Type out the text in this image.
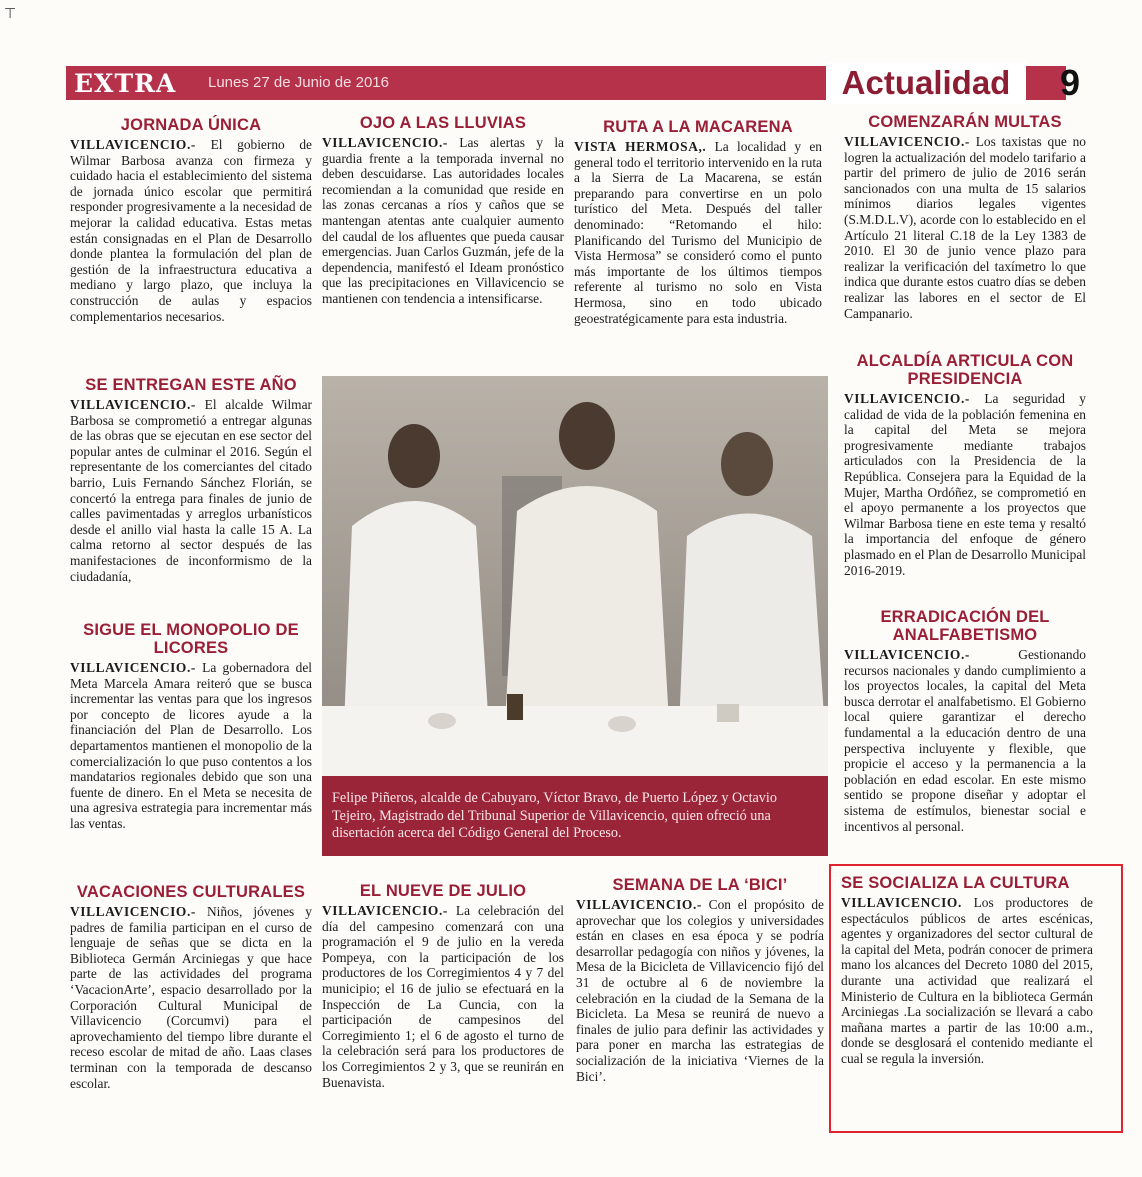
⊤
EXTRA Lunes 27 de Junio de 2016	Actualidad	9
JORNADA ÚNICA

VILLAVICENCIO.- El gobierno de Wilmar Barbosa avanza con firmeza y cuidado hacia el establecimiento del sistema de jornada único escolar que permitirá responder progresivamente a la necesidad de mejorar la calidad educativa. Estas metas están consignadas en el Plan de Desarrollo donde plantea la formulación del plan de gestión de la infraestructura educativa a mediano y largo plazo, que incluya la construcción de aulas y espacios complementarios necesarios.

OJO A LAS LLUVIAS

VILLAVICENCIO.- Las alertas y la guardia frente a la temporada invernal no deben descuidarse. Las autoridades locales recomiendan a la comunidad que reside en las zonas cercanas a ríos y caños que se mantengan atentas ante cualquier aumento del caudal de los afluentes que pueda causar emergencias. Juan Carlos Guzmán, jefe de la dependencia, manifestó el Ideam pronóstico que las precipitaciones en Villavicencio se mantienen con tendencia a intensificarse.

RUTA A LA MACARENA

VISTA HERMOSA,. La localidad y en general todo el territorio intervenido en la ruta a la Sierra de La Macarena, se están preparando para convertirse en un polo turístico del Meta. Después del taller denominado: “Retomando el hilo: Planificando del Turismo del Municipio de Vista Hermosa” se consideró como el punto más importante de los últimos tiempos referente al turismo no solo en Vista Hermosa, sino en todo ubicado geoestratégicamente para esta industria.

COMENZARÁN MULTAS

VILLAVICENCIO.- Los taxistas que no logren la actualización del modelo tarifario a partir del primero de julio de 2016 serán sancionados con una multa de 15 salarios mínimos diarios legales vigentes (S.M.D.L.V), acorde con lo establecido en el Artículo 21 literal C.18 de la Ley 1383 de 2010. El 30 de junio vence plazo para realizar la verificación del taxímetro lo que indica que durante estos cuatro días se deben realizar las labores en el sector de El Campanario.

SE ENTREGAN ESTE AÑO

VILLAVICENCIO.- El alcalde Wilmar Barbosa se comprometió a entregar algunas de las obras que se ejecutan en ese sector del popular antes de culminar el 2016. Según el representante de los comerciantes del citado barrio, Luis Fernando Sánchez Florián, se concertó la entrega para finales de junio de calles pavimentadas y arreglos urbanísticos desde el anillo vial hasta la calle 15 A. La calma retorno al sector después de las manifestaciones de inconformismo de la ciudadanía,

SIGUE EL MONOPOLIO DE LICORES

VILLAVICENCIO.- La gobernadora del Meta Marcela Amara reiteró que se busca incrementar las ventas para que los ingresos por concepto de licores ayude a la financiación del Plan de Desarrollo. Los departamentos mantienen el monopolio de la comercialización lo que puso contentos a los mandatarios regionales debido que son una fuente de dinero. En el Meta se necesita de una agresiva estrategia para incrementar más las ventas.

ALCALDÍA ARTICULA CON PRESIDENCIA

VILLAVICENCIO.- La seguridad y calidad de vida de la población femenina en la capital del Meta se mejora progresivamente mediante trabajos articulados con la Presidencia de la República. Consejera para la Equidad de la Mujer, Martha Ordóñez, se comprometió en el apoyo permanente a los proyectos que Wilmar Barbosa tiene en este tema y resaltó la importancia del enfoque de género plasmado en el Plan de Desarrollo Municipal 2016-2019.

ERRADICACIÓN DEL ANALFABETISMO

VILLAVICENCIO.- Gestionando recursos nacionales y dando cumplimiento a los proyectos locales, la capital del Meta busca derrotar el analfabetismo. El Gobierno local quiere garantizar el derecho fundamental a la educación dentro de una perspectiva incluyente y flexible, que propicie el acceso y la permanencia a la población en edad escolar. En este mismo sentido se propone diseñar y adoptar el sistema de estímulos, bienestar social e incentivos al personal.

Felipe Piñeros, alcalde de Cabuyaro, Víctor Bravo, de Puerto López y Octavio Tejeiro, Magistrado del Tribunal Superior de Villavicencio, quien ofreció una disertación acerca del Código General del Proceso.
VACACIONES CULTURALES

VILLAVICENCIO.- Niños, jóvenes y padres de familia participan en el curso de lenguaje de señas que se dicta en la Biblioteca Germán Arciniegas y que hace parte de las actividades del programa ‘VacacionArte’, espacio desarrollado por la Corporación Cultural Municipal de Villavicencio (Corcumvi) para el aprovechamiento del tiempo libre durante el receso escolar de mitad de año. Laas clases terminan con la temporada de descanso escolar.

EL NUEVE DE JULIO

VILLAVICENCIO.- La celebración del día del campesino comenzará con una programación el 9 de julio en la vereda Pompeya, con la participación de los productores de los Corregimientos 4 y 7 del municipio; el 16 de julio se efectuará en la Inspección de La Cuncia, con la participación de campesinos del Corregimiento 1; el 6 de agosto el turno de la celebración será para los productores de los Corregimientos 2 y 3, que se reunirán en Buenavista.

SEMANA DE LA ‘BICI’

VILLAVICENCIO.- Con el propósito de aprovechar que los colegios y universidades están en clases en esa época y se podría desarrollar pedagogía con niños y jóvenes, la Mesa de la Bicicleta de Villavicencio fijó del 31 de octubre al 6 de noviembre la celebración en la ciudad de la Semana de la Bicicleta. La Mesa se reunirá de nuevo a finales de julio para definir las actividades y para poner en marcha las estrategias de socialización de la iniciativa ‘Viernes de la Bici’.

SE SOCIALIZA LA CULTURA

VILLAVICENCIO. Los productores de espectáculos públicos de artes escénicas, agentes y organizadores del sector cultural de la capital del Meta, podrán conocer de primera mano los alcances del Decreto 1080 del 2015, durante una actividad que realizará el Ministerio de Cultura en la biblioteca Germán Arciniegas .La socialización se llevará a cabo mañana martes a partir de las 10:00 a.m., donde se desglosará el contenido mediante el cual se regula la inversión.
